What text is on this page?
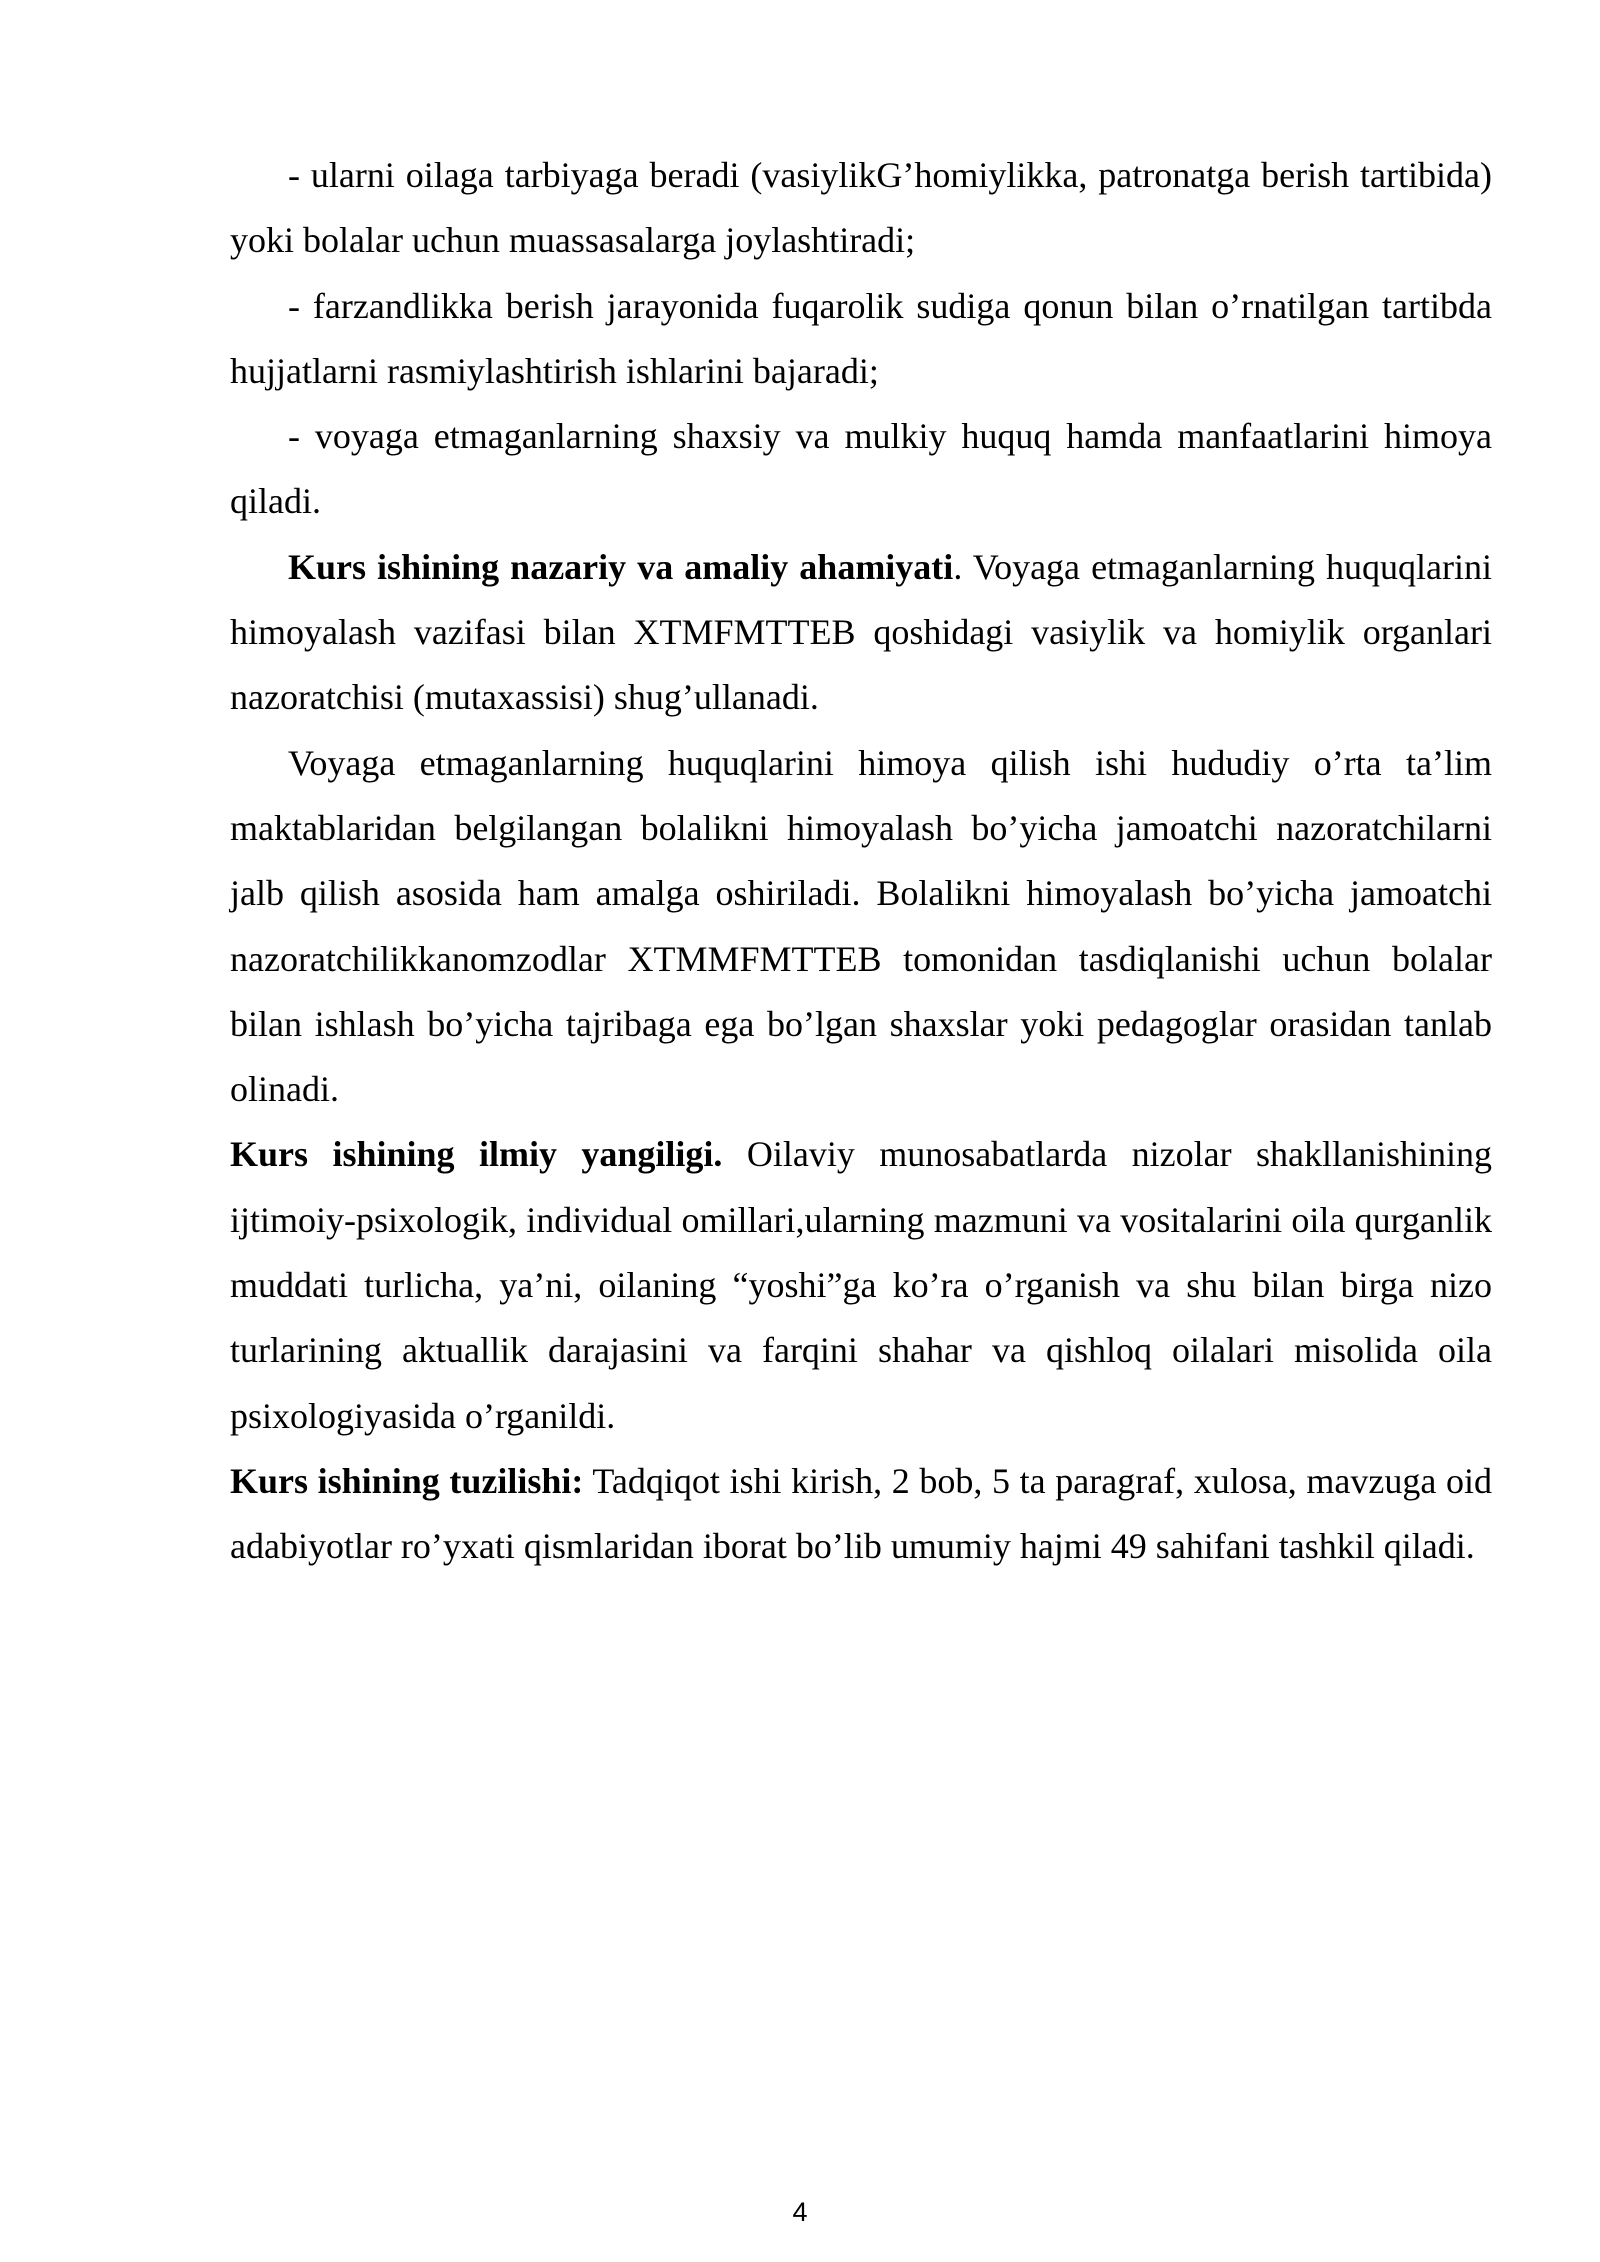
- ularni oilaga tarbiyaga beradi (vasiylikG’homiylikka, patronatga berish tartibida) yoki bolalar uchun muassasalarga joylashtiradi;

- farzandlikka berish jarayonida fuqarolik sudiga qonun bilan o’rnatilgan tartibda hujjatlarni rasmiylashtirish ishlarini bajaradi;

- voyaga etmaganlarning shaxsiy va mulkiy huquq hamda manfaatlarini himoya qiladi.

Kurs ishining nazariy va amaliy ahamiyati. Voyaga etmaganlarning huquqlarini himoyalash vazifasi bilan XTMFMTTEB qoshidagi vasiylik va homiylik organlari nazoratchisi (mutaxassisi) shug’ullanadi.

Voyaga etmaganlarning huquqlarini himoya qilish ishi hududiy o’rta ta’lim maktablaridan belgilangan bolalikni himoyalash bo’yicha jamoatchi nazoratchilarni jalb qilish asosida ham amalga oshiriladi. Bolalikni himoyalash bo’yicha jamoatchi nazoratchilikkanomzodlar XTMMFMTTEB tomonidan tasdiqlanishi uchun bolalar bilan ishlash bo’yicha tajribaga ega bo’lgan shaxslar yoki pedagoglar orasidan tanlab olinadi.

Kurs ishining ilmiy yangiligi. Oilaviy munosabatlarda nizolar shakllanishining ijtimoiy-psixologik, individual omillari,ularning mazmuni va vositalarini oila qurganlik muddati turlicha, ya’ni, oilaning “yoshi”ga ko’ra o’rganish va shu bilan birga nizo turlarining aktuallik darajasini va farqini shahar va qishloq oilalari misolida oila psixologiyasida o’rganildi.

Kurs ishining tuzilishi: Tadqiqot ishi kirish, 2 bob, 5 ta paragraf, xulosa, mavzuga oid adabiyotlar ro’yxati qismlaridan iborat bo’lib umumiy hajmi 49 sahifani tashkil qiladi.

4
